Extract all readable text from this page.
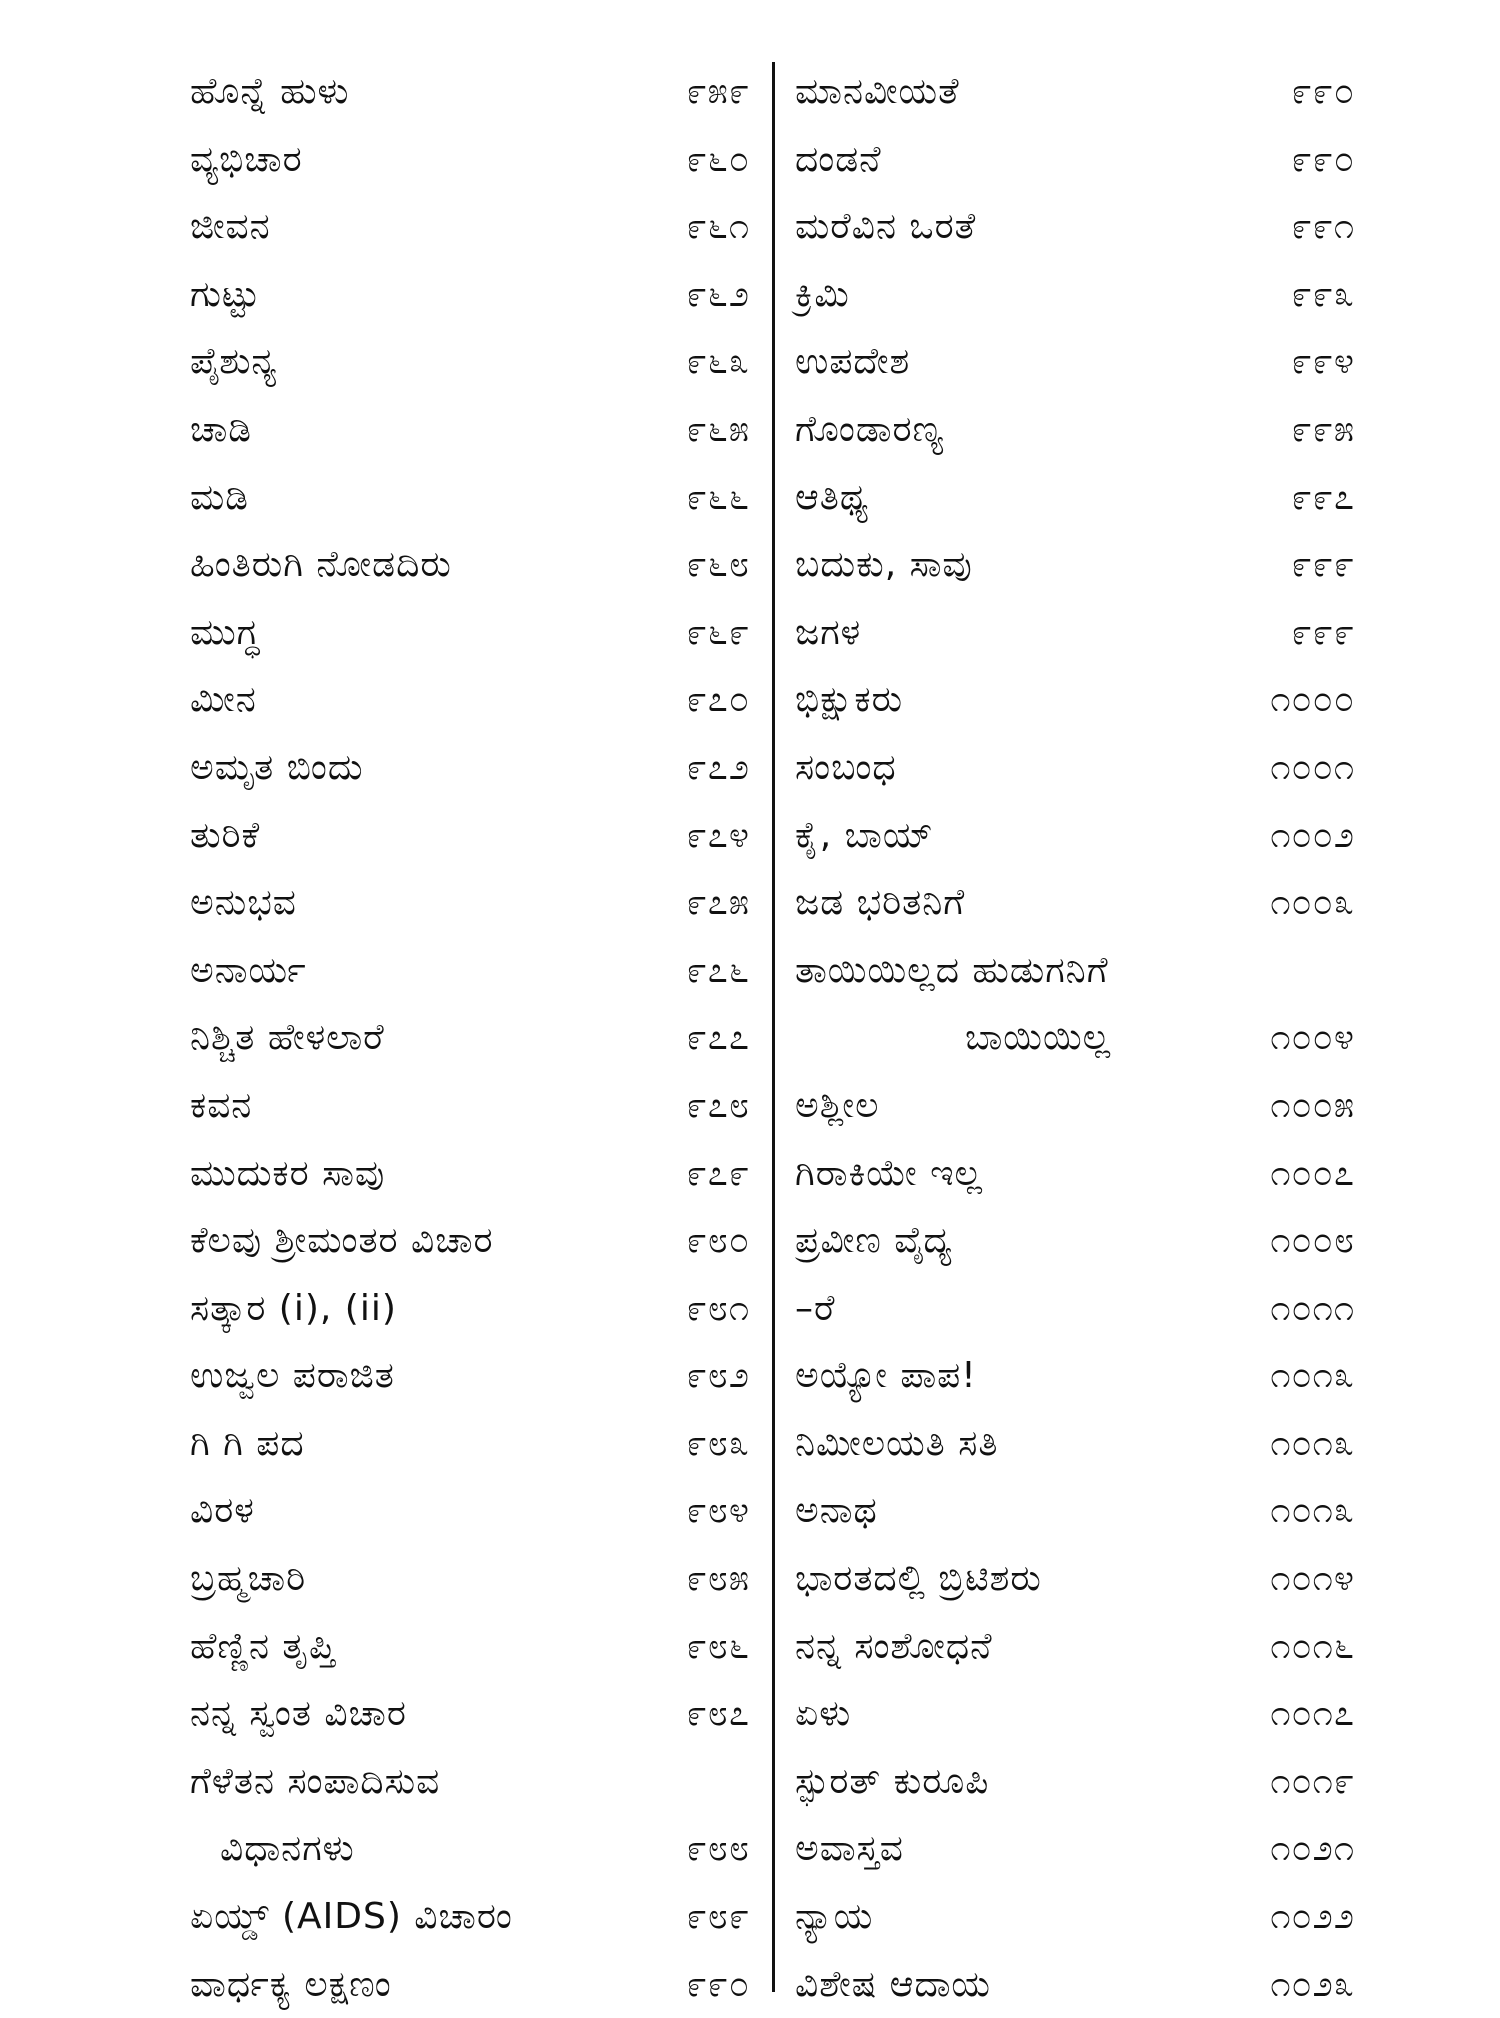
ಹೊನ್ನೆ ಹುಳು	೯೫೯
ವ್ಯಭಿಚಾರ	೯೬೦
ಜೀವನ	೯೬೧
ಗುಟ್ಟು	೯೬೨
ಪೈಶುನ್ಯ	೯೬೩
ಚಾಡಿ	೯೬೫
ಮಡಿ	೯೬೬
ಹಿಂತಿರುಗಿ ನೋಡದಿರು	೯೬೮
ಮುಗ್ಧ	೯೬೯
ಮೀನ	೯೭೦
ಅಮೃತ ಬಿಂದು	೯೭೨
ತುರಿಕೆ	೯೭೪
ಅನುಭವ	೯೭೫
ಅನಾರ್ಯ	೯೭೬
ನಿಶ್ಚಿತ ಹೇಳಲಾರೆ	೯೭೭
ಕವನ	೯೭೮
ಮುದುಕರ ಸಾವು	೯೭೯
ಕೆಲವು ಶ್ರೀಮಂತರ ವಿಚಾರ	೯೮೦
ಸತ್ಕಾರ (i), (ii)	೯೮೧
ಉಜ್ವಲ ಪರಾಜಿತ	೯೮೨
ಗಿ ಗಿ ಪದ	೯೮೩
ವಿರಳ	೯೮೪
ಬ್ರಹ್ಮಚಾರಿ	೯೮೫
ಹೆಣ್ಣಿನ ತೃಪ್ತಿ	೯೮೬
ನನ್ನ ಸ್ವಂತ ವಿಚಾರ	೯೮೭
ಗೆಳೆತನ ಸಂಪಾದಿಸುವ
ವಿಧಾನಗಳು	೯೮೮
ಏಯ್ಡ್ (AIDS) ವಿಚಾರಂ	೯೮೯
ವಾರ್ಧಕ್ಯ ಲಕ್ಷಣಂ	೯೯೦
ಮಾನವೀಯತೆ	೯೯೦
ದಂಡನೆ	೯೯೦
ಮರೆವಿನ ಒರತೆ	೯೯೧
ಕ್ರಿಮಿ	೯೯೩
ಉಪದೇಶ	೯೯೪
ಗೊಂಡಾರಣ್ಯ	೯೯೫
ಆತಿಥ್ಯ	೯೯೭
ಬದುಕು, ಸಾವು	೯೯೯
ಜಗಳ	೯೯೯
ಭಿಕ್ಷುಕರು	೧೦೦೦
ಸಂಬಂಧ	೧೦೦೧
ಕೈ, ಬಾಯ್	೧೦೦೨
ಜಡ ಭರಿತನಿಗೆ	೧೦೦೩
ತಾಯಿಯಿಲ್ಲದ ಹುಡುಗನಿಗೆ
ಬಾಯಿಯಿಲ್ಲ	೧೦೦೪
ಅಶ್ಲೀಲ	೧೦೦೫
ಗಿರಾಕಿಯೇ ಇಲ್ಲ	೧೦೦೭
ಪ್ರವೀಣ ವೈದ್ಯ	೧೦೦೮
–ರೆ	೧೦೧೧
ಅಯ್ಯೋ ಪಾಪ!	೧೦೧೩
ನಿಮೀಲಯತಿ ಸತಿ	೧೦೧೩
ಅನಾಥ	೧೦೧೩
ಭಾರತದಲ್ಲಿ ಬ್ರಿಟಿಶರು	೧೦೧೪
ನನ್ನ ಸಂಶೋಧನೆ	೧೦೧೬
ಏಳು	೧೦೧೭
ಸ್ಫುರತ್ ಕುರೂಪಿ	೧೦೧೯
ಅವಾಸ್ತವ	೧೦೨೧
ನ್ಯಾಯ	೧೦೨೨
ವಿಶೇಷ ಆದಾಯ	೧೦೨೩
